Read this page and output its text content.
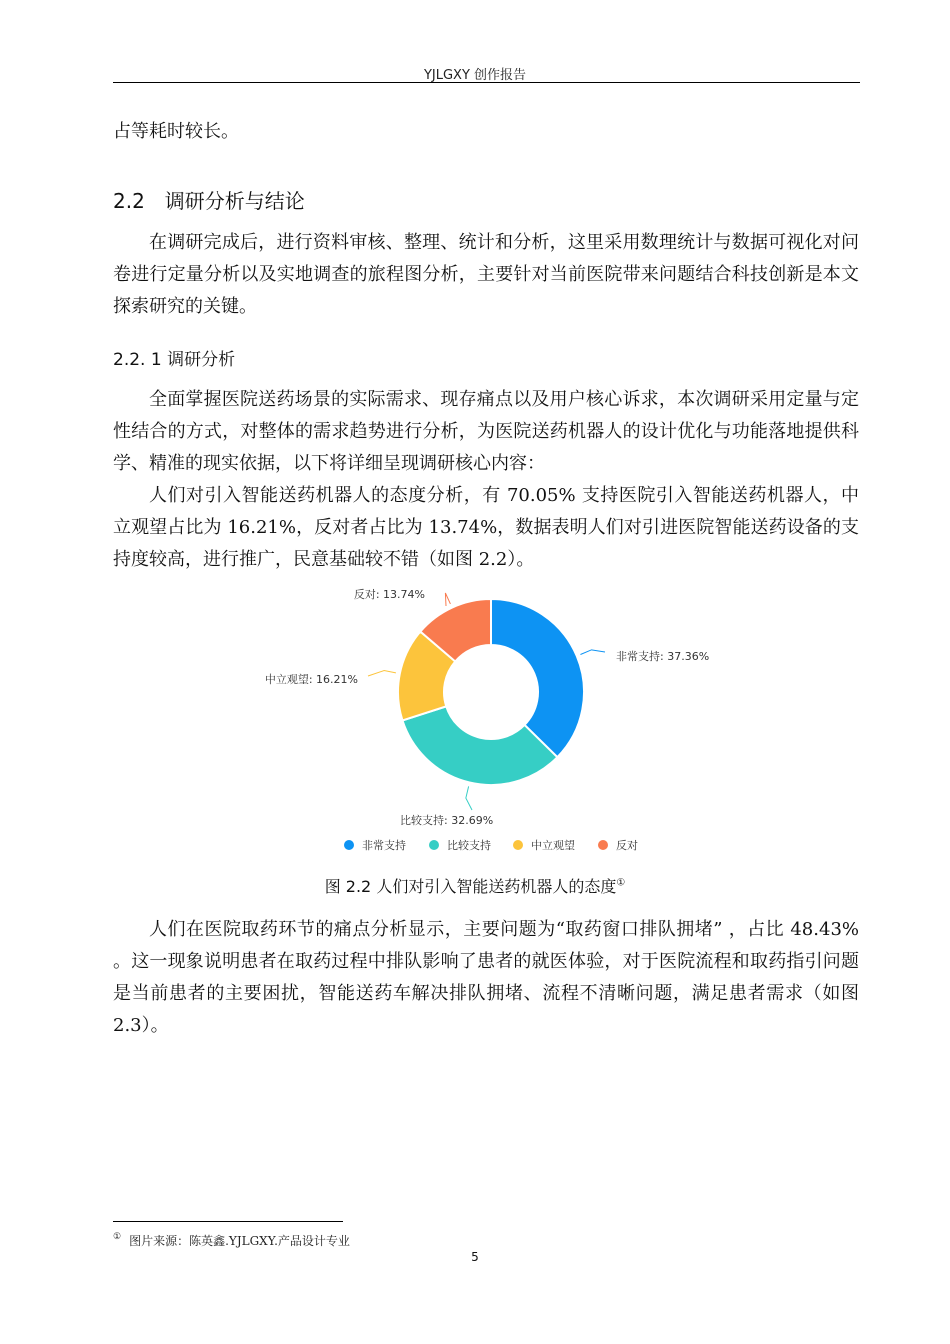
YJLGXY 创作报告

占等耗时较长。

2.2　调研分析与结论

在调研完成后，进行资料审核、整理、统计和分析，这里采用数理统计与数据可视化对问卷进行定量分析以及实地调查的旅程图分析，主要针对当前医院带来问题结合科技创新是本文探索研究的关键。

2.2. 1 调研分析

全面掌握医院送药场景的实际需求、现存痛点以及用户核心诉求，本次调研采用定量与定性结合的方式，对整体的需求趋势进行分析，为医院送药机器人的设计优化与功能落地提供科学、精准的现实依据，以下将详细呈现调研核心内容：

人们对引入智能送药机器人的态度分析，有 70.05% 支持医院引入智能送药机器人，中立观望占比为 16.21%，反对者占比为 13.74%，数据表明人们对引进医院智能送药设备的支持度较高，进行推广，民意基础较不错（如图 2.2）。

非常支持: 37.36%
比较支持: 32.69%
中立观望: 16.21%
反对: 13.74%
非常支持	比较支持	中立观望	反对

图 2.2 人们对引入智能送药机器人的态度①

人们在医院取药环节的痛点分析显示，主要问题为“取药窗口排队拥堵” ，占比 48.43% 。这一现象说明患者在取药过程中排队影响了患者的就医体验，对于医院流程和取药指引问题是当前患者的主要困扰，智能送药车解决排队拥堵、流程不清晰问题，满足患者需求（如图 2.3）。

① 图片来源：陈英鑫.YJLGXY.产品设计专业
5
